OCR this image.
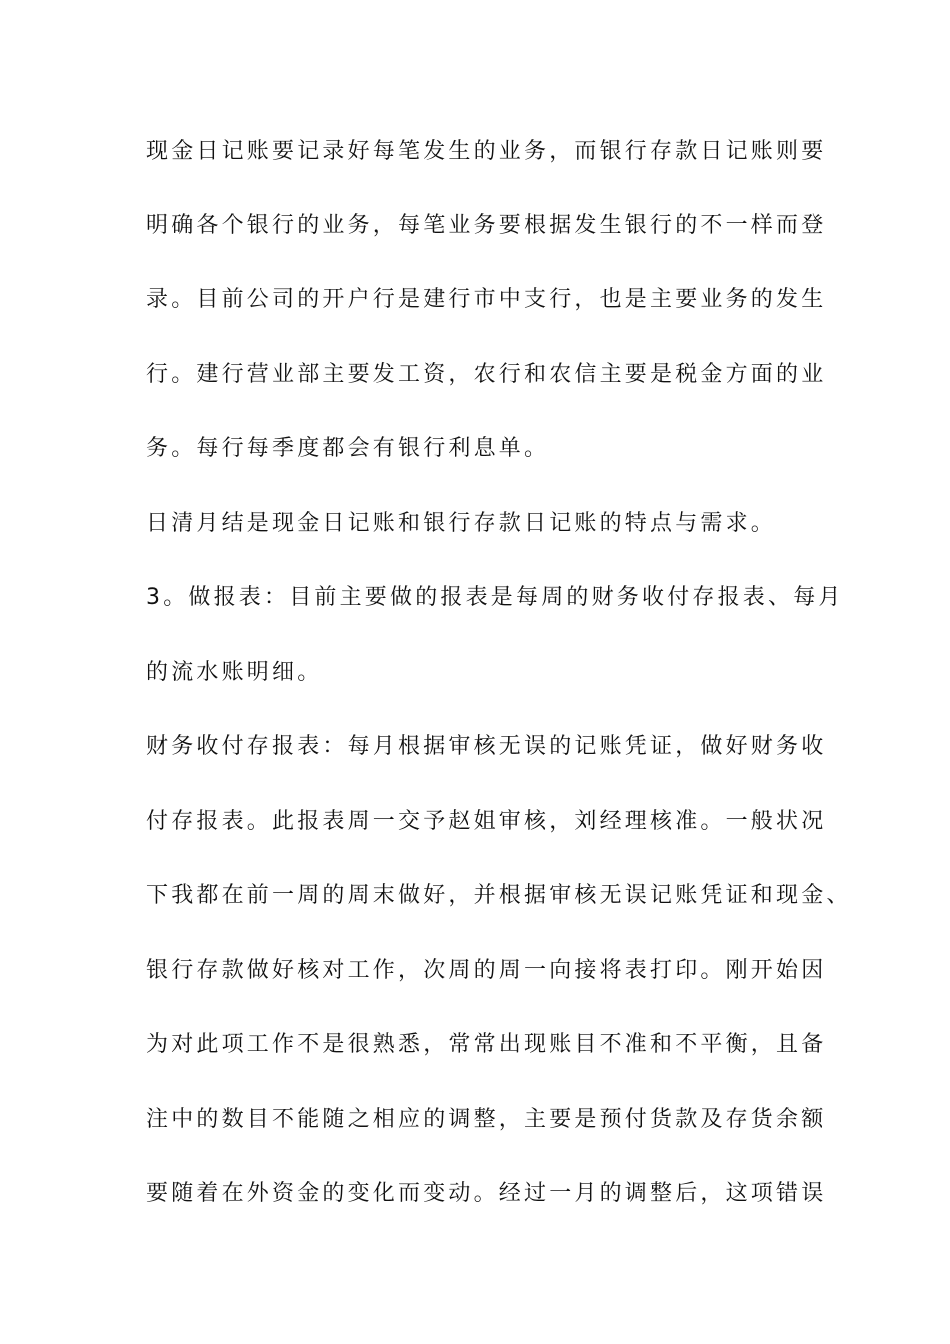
现金日记账要记录好每笔发生的业务，而银行存款日记账则要
明确各个银行的业务，每笔业务要根据发生银行的不一样而登
录。目前公司的开户行是建行市中支行，也是主要业务的发生
行。建行营业部主要发工资，农行和农信主要是税金方面的业
务。每行每季度都会有银行利息单。
日清月结是现金日记账和银行存款日记账的特点与需求。
3。做报表：目前主要做的报表是每周的财务收付存报表、每月
的流水账明细。
财务收付存报表：每月根据审核无误的记账凭证，做好财务收
付存报表。此报表周一交予赵姐审核，刘经理核准。一般状况
下我都在前一周的周末做好，并根据审核无误记账凭证和现金、
银行存款做好核对工作，次周的周一向接将表打印。刚开始因
为对此项工作不是很熟悉，常常出现账目不准和不平衡，且备
注中的数目不能随之相应的调整，主要是预付货款及存货余额
要随着在外资金的变化而变动。经过一月的调整后，这项错误
